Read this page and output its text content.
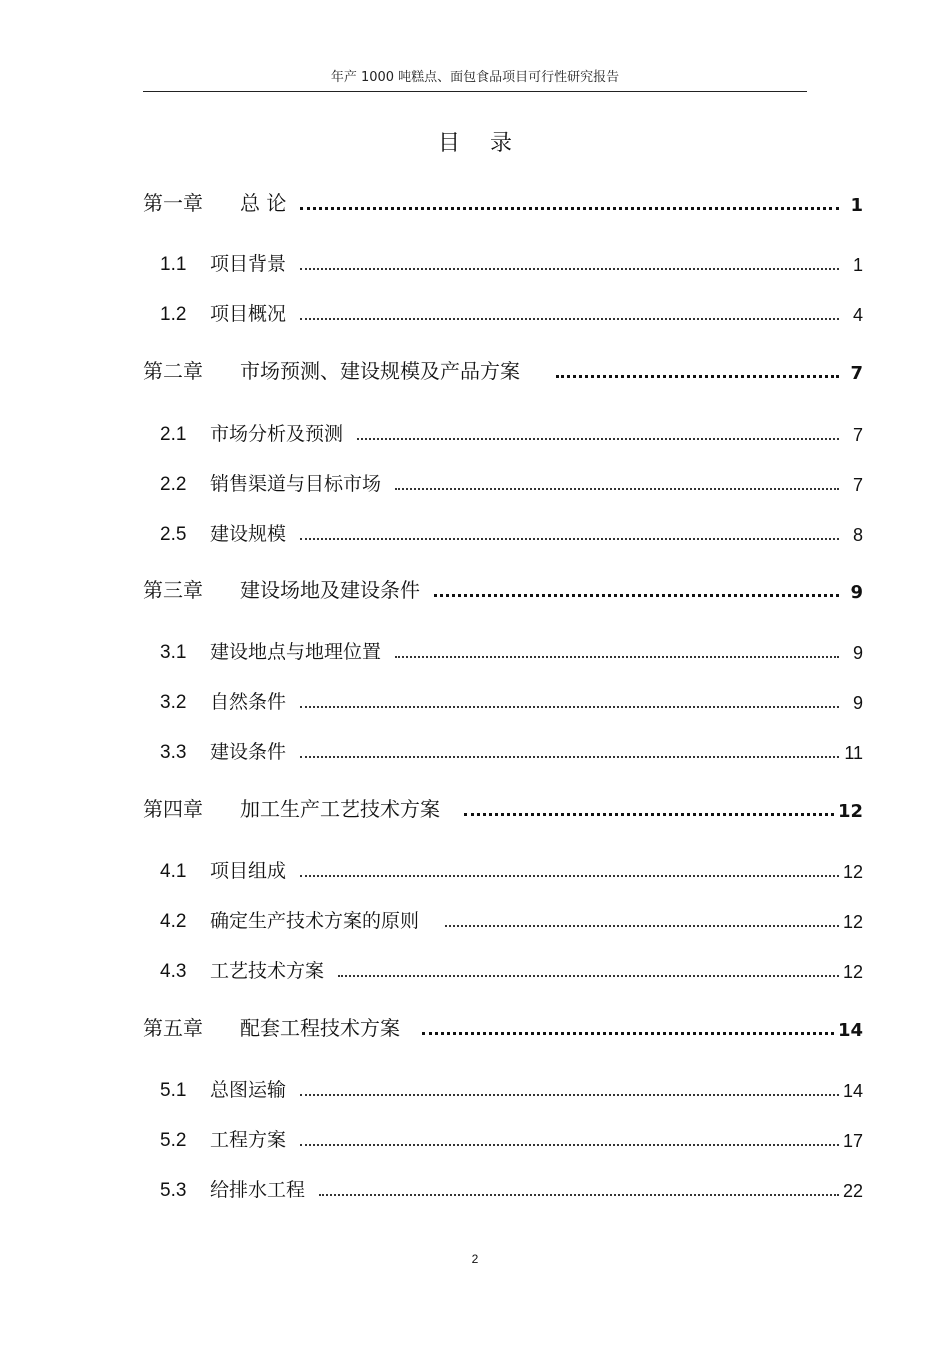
年产 1000 吨糕点、面包食品项目可行性研究报告
目录
第一章 总 论	1
1.1 项目背景	1
1.2 项目概况	4
第二章 市场预测、建设规模及产品方案	7
2.1 市场分析及预测	7
2.2 销售渠道与目标市场	7
2.5 建设规模	8
第三章 建设场地及建设条件	9
3.1 建设地点与地理位置	9
3.2 自然条件	9
3.3 建设条件	11
第四章 加工生产工艺技术方案	12
4.1 项目组成	12
4.2 确定生产技术方案的原则	12
4.3 工艺技术方案	12
第五章 配套工程技术方案	14
5.1 总图运输	14
5.2 工程方案	17
5.3 给排水工程	22
2
